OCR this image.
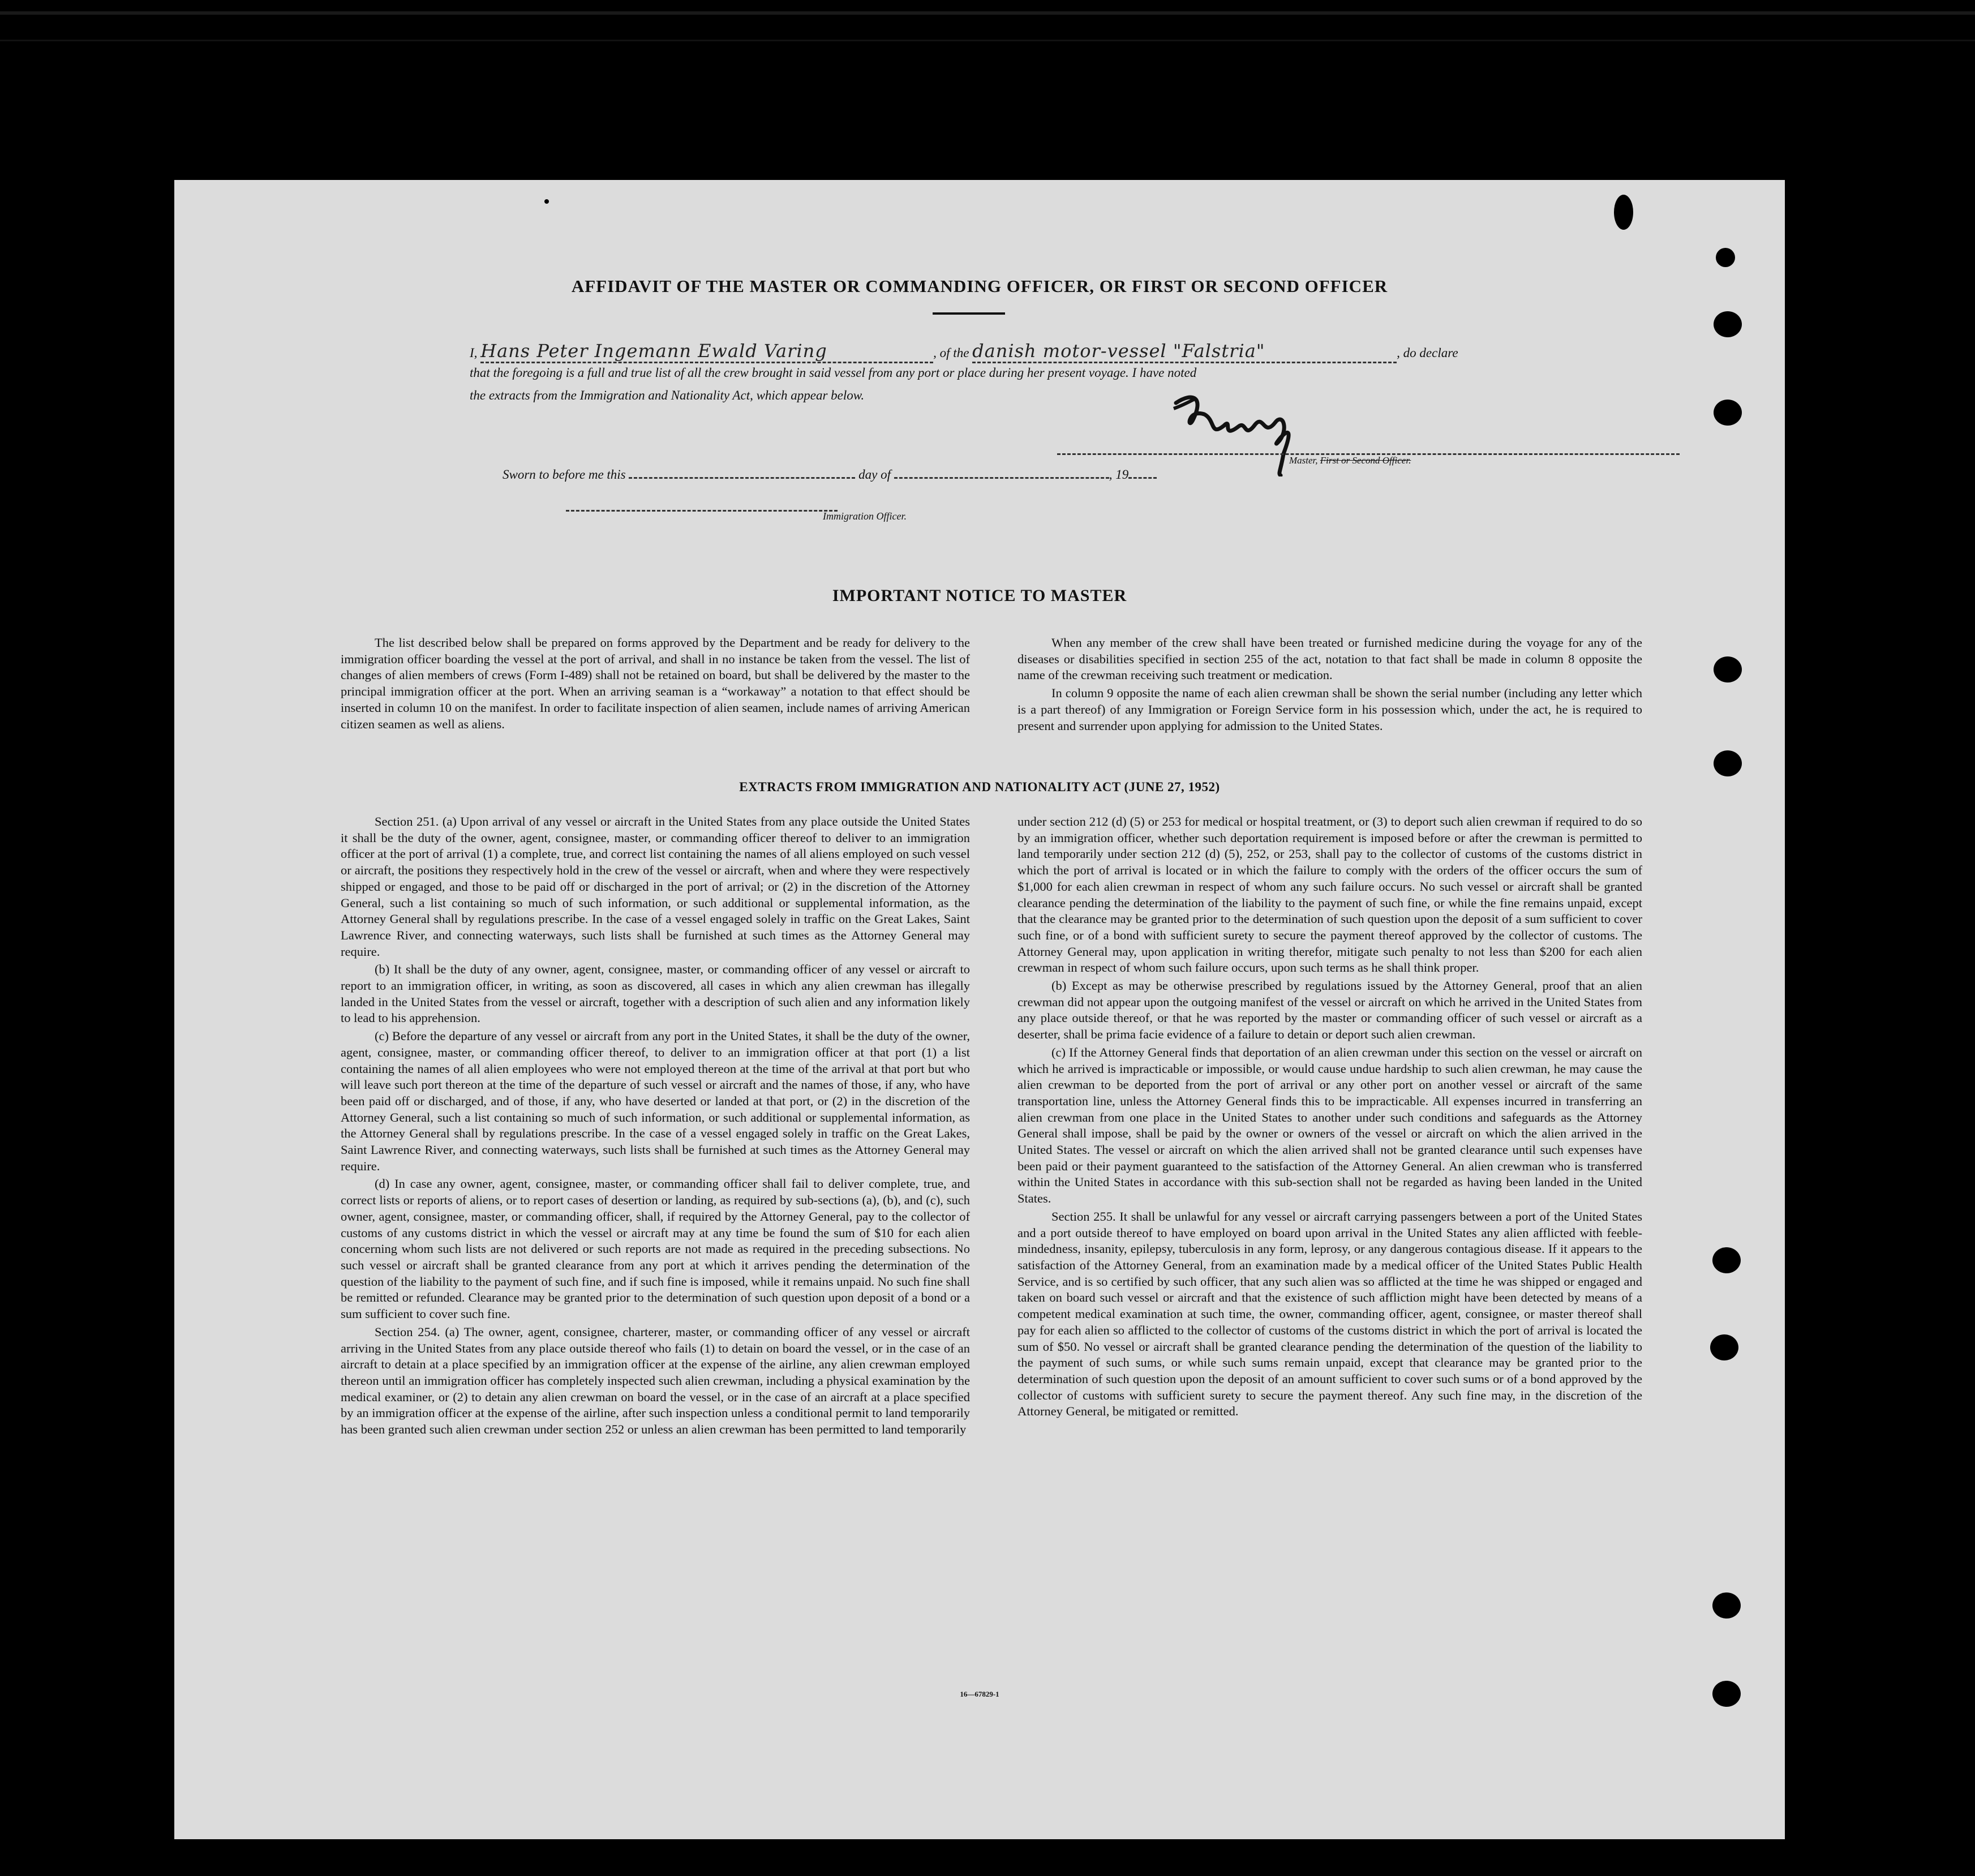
AFFIDAVIT OF THE MASTER OR COMMANDING OFFICER, OR FIRST OR SECOND OFFICER
I, Hans Peter Ingemann Ewald Varing	, of the danish motor-vessel "Falstria"	, do declare
that the foregoing is a full and true list of all the crew brought in said vessel from any port or place during her present voyage. I have noted
the extracts from the Immigration and Nationality Act, which appear below.
Master, First or Second Officer.
Sworn to before me this	day of	, 19
Immigration Officer.
IMPORTANT NOTICE TO MASTER

The list described below shall be prepared on forms approved by the Department and be ready for delivery to the immigration officer boarding the vessel at the port of arrival, and shall in no instance be taken from the vessel. The list of changes of alien members of crews (Form I-489) shall not be retained on board, but shall be delivered by the master to the principal immigration officer at the port. When an arriving seaman is a “workaway” a notation to that effect should be inserted in column 10 on the manifest. In order to facilitate inspection of alien seamen, include names of arriving American citizen seamen as well as aliens.

When any member of the crew shall have been treated or furnished medicine during the voyage for any of the diseases or disabilities specified in section 255 of the act, notation to that fact shall be made in column 8 opposite the name of the crewman receiving such treatment or medication.

In column 9 opposite the name of each alien crewman shall be shown the serial number (including any letter which is a part thereof) of any Immigration or Foreign Service form in his possession which, under the act, he is required to present and surrender upon applying for admission to the United States.

EXTRACTS FROM IMMIGRATION AND NATIONALITY ACT (JUNE 27, 1952)

Section 251. (a) Upon arrival of any vessel or aircraft in the United States from any place outside the United States it shall be the duty of the owner, agent, consignee, master, or commanding officer thereof to deliver to an immigration officer at the port of arrival (1) a complete, true, and correct list containing the names of all aliens employed on such vessel or aircraft, the positions they respectively hold in the crew of the vessel or aircraft, when and where they were respectively shipped or engaged, and those to be paid off or discharged in the port of arrival; or (2) in the discretion of the Attorney General, such a list containing so much of such information, or such additional or supplemental information, as the Attorney General shall by regulations prescribe. In the case of a vessel engaged solely in traffic on the Great Lakes, Saint Lawrence River, and connecting waterways, such lists shall be furnished at such times as the Attorney General may require.

(b) It shall be the duty of any owner, agent, consignee, master, or commanding officer of any vessel or aircraft to report to an immigration officer, in writing, as soon as discovered, all cases in which any alien crewman has illegally landed in the United States from the vessel or aircraft, together with a description of such alien and any information likely to lead to his apprehension.

(c) Before the departure of any vessel or aircraft from any port in the United States, it shall be the duty of the owner, agent, consignee, master, or commanding officer thereof, to deliver to an immigration officer at that port (1) a list containing the names of all alien employees who were not employed thereon at the time of the arrival at that port but who will leave such port thereon at the time of the departure of such vessel or aircraft and the names of those, if any, who have been paid off or discharged, and of those, if any, who have deserted or landed at that port, or (2) in the discretion of the Attorney General, such a list containing so much of such information, or such additional or supplemental information, as the Attorney General shall by regulations prescribe. In the case of a vessel engaged solely in traffic on the Great Lakes, Saint Lawrence River, and connecting waterways, such lists shall be furnished at such times as the Attorney General may require.

(d) In case any owner, agent, consignee, master, or commanding officer shall fail to deliver complete, true, and correct lists or reports of aliens, or to report cases of desertion or landing, as required by sub-sections (a), (b), and (c), such owner, agent, consignee, master, or commanding officer, shall, if required by the Attorney General, pay to the collector of customs of any customs district in which the vessel or aircraft may at any time be found the sum of $10 for each alien concerning whom such lists are not delivered or such reports are not made as required in the preceding subsections. No such vessel or aircraft shall be granted clearance from any port at which it arrives pending the determination of the question of the liability to the payment of such fine, and if such fine is imposed, while it remains unpaid. No such fine shall be remitted or refunded. Clearance may be granted prior to the determination of such question upon deposit of a bond or a sum sufficient to cover such fine.

Section 254. (a) The owner, agent, consignee, charterer, master, or commanding officer of any vessel or aircraft arriving in the United States from any place outside thereof who fails (1) to detain on board the vessel, or in the case of an aircraft to detain at a place specified by an immigration officer at the expense of the airline, any alien crewman employed thereon until an immigration officer has completely inspected such alien crewman, including a physical examination by the medical examiner, or (2) to detain any alien crewman on board the vessel, or in the case of an aircraft at a place specified by an immigration officer at the expense of the airline, after such inspection unless a conditional permit to land temporarily has been granted such alien crewman under section 252 or unless an alien crewman has been permitted to land temporarily

under section 212 (d) (5) or 253 for medical or hospital treatment, or (3) to deport such alien crewman if required to do so by an immigration officer, whether such deportation requirement is imposed before or after the crewman is permitted to land temporarily under section 212 (d) (5), 252, or 253, shall pay to the collector of customs of the customs district in which the port of arrival is located or in which the failure to comply with the orders of the officer occurs the sum of $1,000 for each alien crewman in respect of whom any such failure occurs. No such vessel or aircraft shall be granted clearance pending the determination of the liability to the payment of such fine, or while the fine remains unpaid, except that the clearance may be granted prior to the determination of such question upon the deposit of a sum sufficient to cover such fine, or of a bond with sufficient surety to secure the payment thereof approved by the collector of customs. The Attorney General may, upon application in writing therefor, mitigate such penalty to not less than $200 for each alien crewman in respect of whom such failure occurs, upon such terms as he shall think proper.

(b) Except as may be otherwise prescribed by regulations issued by the Attorney General, proof that an alien crewman did not appear upon the outgoing manifest of the vessel or aircraft on which he arrived in the United States from any place outside thereof, or that he was reported by the master or commanding officer of such vessel or aircraft as a deserter, shall be prima facie evidence of a failure to detain or deport such alien crewman.

(c) If the Attorney General finds that deportation of an alien crewman under this section on the vessel or aircraft on which he arrived is impracticable or impossible, or would cause undue hardship to such alien crewman, he may cause the alien crewman to be deported from the port of arrival or any other port on another vessel or aircraft of the same transportation line, unless the Attorney General finds this to be impracticable. All expenses incurred in transferring an alien crewman from one place in the United States to another under such conditions and safeguards as the Attorney General shall impose, shall be paid by the owner or owners of the vessel or aircraft on which the alien arrived in the United States. The vessel or aircraft on which the alien arrived shall not be granted clearance until such expenses have been paid or their payment guaranteed to the satisfaction of the Attorney General. An alien crewman who is transferred within the United States in accordance with this sub-section shall not be regarded as having been landed in the United States.

Section 255. It shall be unlawful for any vessel or aircraft carrying passengers between a port of the United States and a port outside thereof to have employed on board upon arrival in the United States any alien afflicted with feeble-mindedness, insanity, epilepsy, tuberculosis in any form, leprosy, or any dangerous contagious disease. If it appears to the satisfaction of the Attorney General, from an examination made by a medical officer of the United States Public Health Service, and is so certified by such officer, that any such alien was so afflicted at the time he was shipped or engaged and taken on board such vessel or aircraft and that the existence of such affliction might have been detected by means of a competent medical examination at such time, the owner, commanding officer, agent, consignee, or master thereof shall pay for each alien so afflicted to the collector of customs of the customs district in which the port of arrival is located the sum of $50. No vessel or aircraft shall be granted clearance pending the determination of the question of the liability to the payment of such sums, or while such sums remain unpaid, except that clearance may be granted prior to the determination of such question upon the deposit of an amount sufficient to cover such sums or of a bond approved by the collector of customs with sufficient surety to secure the payment thereof. Any such fine may, in the discretion of the Attorney General, be mitigated or remitted.

16—67829-1
